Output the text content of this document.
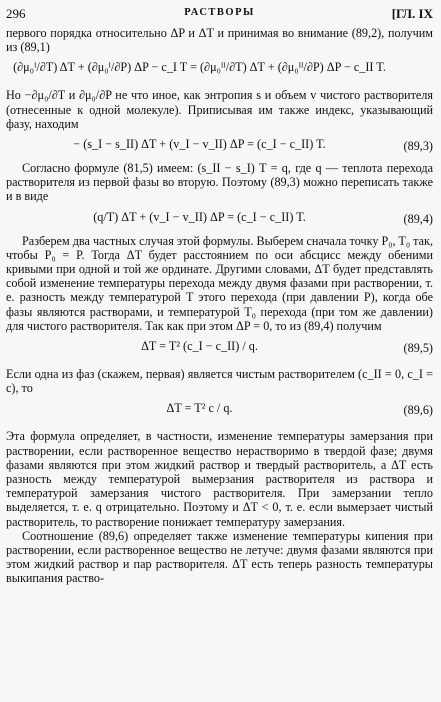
296	РАСТВОРЫ	[ГЛ. IX

первого порядка относительно ΔP и ΔT и принимая во внимание (89,2), получим из (89,1)

(∂μ₀ᴵ/∂T) ΔT + (∂μ₀ᴵ/∂P) ΔP − c_I T = (∂μ₀ᴵᴵ/∂T) ΔT + (∂μ₀ᴵᴵ/∂P) ΔP − c_II T.

Но −∂μ₀/∂T и ∂μ₀/∂P не что иное, как энтропия s и объем v чистого растворителя (отнесенные к одной молекуле). Приписывая им также индекс, указывающий фазу, находим

− (s_I − s_II) ΔT + (v_I − v_II) ΔP = (c_I − c_II) T.	(89,3)

Согласно формуле (81,5) имеем: (s_II − s_I) T = q, где q — теплота перехода растворителя из первой фазы во вторую. Поэтому (89,3) можно переписать также и в виде

(q/T) ΔT + (v_I − v_II) ΔP = (c_I − c_II) T.	(89,4)

Разберем два частных случая этой формулы. Выберем сначала точку P₀, T₀ так, чтобы P₀ = P. Тогда ΔT будет расстоянием по оси абсцисс между обеними кривыми при одной и той же ординате. Другими словами, ΔT будет представлять собой изменение температуры перехода между двумя фазами при растворении, т. е. разность между температурой T этого перехода (при давлении P), когда обе фазы являются растворами, и температурой T₀ перехода (при том же давлении) для чистого растворителя. Так как при этом ΔP = 0, то из (89,4) получим

ΔT = T² (c_I − c_II) / q.	(89,5)

Если одна из фаз (скажем, первая) является чистым растворителем (c_II = 0, c_I = c), то

ΔT = T² c / q.	(89,6)

Эта формула определяет, в частности, изменение температуры замерзания при растворении, если растворенное вещество нерастворимо в твердой фазе; двумя фазами являются при этом жидкий раствор и твердый растворитель, а ΔT есть разность между температурой вымерзания растворителя из раствора и температурой замерзания чистого растворителя. При замерзании тепло выделяется, т. е. q отрицательно. Поэтому и ΔT < 0, т. е. если вымерзает чистый растворитель, то растворение понижает температуру замерзания.

Соотношение (89,6) определяет также изменение температуры кипения при растворении, если растворенное вещество не летуче: двумя фазами являются при этом жидкий раствор и пар растворителя. ΔT есть теперь разность температуры выкипания раство-
